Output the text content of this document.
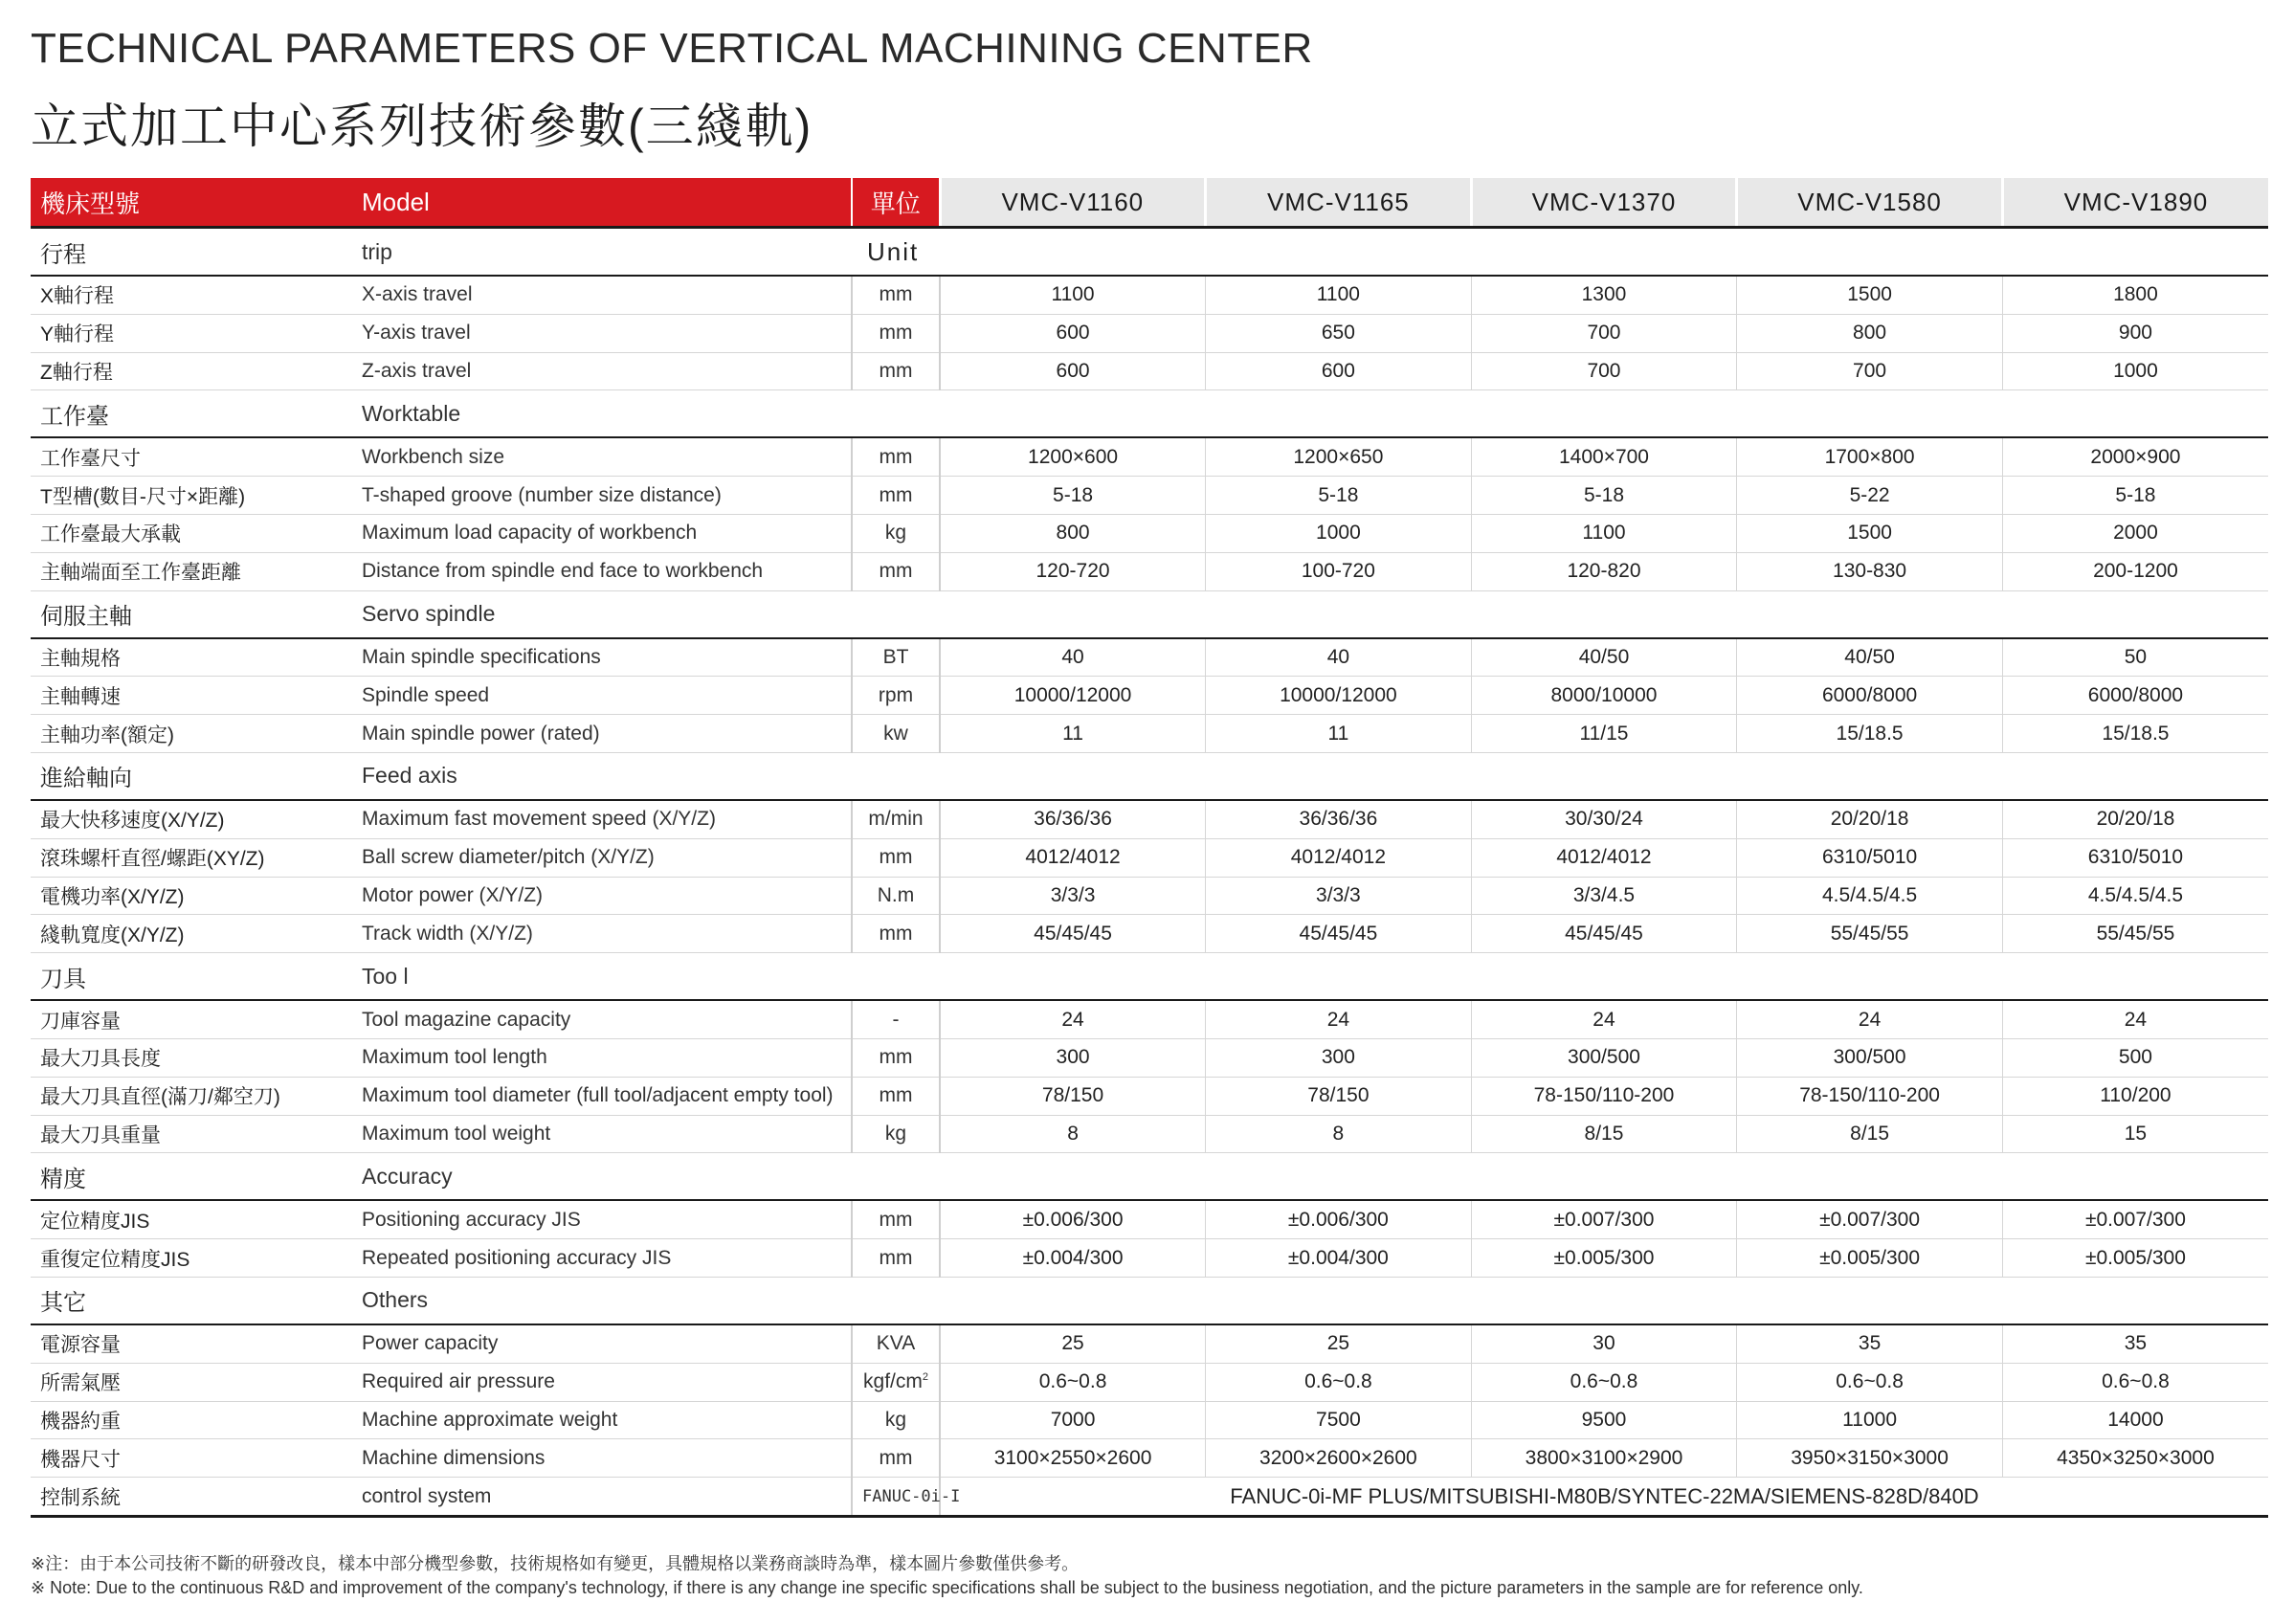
TECHNICAL PARAMETERS OF VERTICAL MACHINING CENTER
立式加工中心系列技術參數(三綫軌)
機床型號	Model	單位	VMC-V1160	VMC-V1165	VMC-V1370	VMC-V1580	VMC-V1890
行程	trip	Unit					
X軸行程	X-axis travel	mm	1100	1100	1300	1500	1800
Y軸行程	Y-axis travel	mm	600	650	700	800	900
Z軸行程	Z-axis travel	mm	600	600	700	700	1000
工作臺	Worktable						
工作臺尺寸	Workbench size	mm	1200×600	1200×650	1400×700	1700×800	2000×900
T型槽(數目-尺寸×距離)	T-shaped groove (number size distance)	mm	5-18	5-18	5-18	5-22	5-18
工作臺最大承載	Maximum load capacity of workbench	kg	800	1000	1100	1500	2000
主軸端面至工作臺距離	Distance from spindle end face to workbench	mm	120-720	100-720	120-820	130-830	200-1200
伺服主軸	Servo spindle						
主軸規格	Main spindle specifications	BT	40	40	40/50	40/50	50
主軸轉速	Spindle speed	rpm	10000/12000	10000/12000	8000/10000	6000/8000	6000/8000
主軸功率(額定)	Main spindle power (rated)	kw	11	11	11/15	15/18.5	15/18.5
進給軸向	Feed axis						
最大快移速度(X/Y/Z)	Maximum fast movement speed (X/Y/Z)	m/min	36/36/36	36/36/36	30/30/24	20/20/18	20/20/18
滾珠螺杆直徑/螺距(XY/Z)	Ball screw diameter/pitch (X/Y/Z)	mm	4012/4012	4012/4012	4012/4012	6310/5010	6310/5010
電機功率(X/Y/Z)	Motor power (X/Y/Z)	N.m	3/3/3	3/3/3	3/3/4.5	4.5/4.5/4.5	4.5/4.5/4.5
綫軌寬度(X/Y/Z)	Track width (X/Y/Z)	mm	45/45/45	45/45/45	45/45/45	55/45/55	55/45/55
刀具	Too l						
刀庫容量	Tool magazine capacity	-	24	24	24	24	24
最大刀具長度	Maximum tool length	mm	300	300	300/500	300/500	500
最大刀具直徑(滿刀/鄰空刀)	Maximum tool diameter (full tool/adjacent empty tool)	mm	78/150	78/150	78-150/110-200	78-150/110-200	110/200
最大刀具重量	Maximum tool weight	kg	8	8	8/15	8/15	15
精度	Accuracy						
定位精度JIS	Positioning accuracy JIS	mm	±0.006/300	±0.006/300	±0.007/300	±0.007/300	±0.007/300
重復定位精度JIS	Repeated positioning accuracy JIS	mm	±0.004/300	±0.004/300	±0.005/300	±0.005/300	±0.005/300
其它	Others						
電源容量	Power capacity	KVA	25	25	30	35	35
所需氣壓	Required air pressure	kgf/$cm^2$	0.6~0.8	0.6~0.8	0.6~0.8	0.6~0.8	0.6~0.8
機器約重	Machine approximate weight	kg	7000	7500	9500	11000	14000
機器尺寸	Machine dimensions	mm	3100×2550×2600	3200×2600×2600	3800×3100×2900	3950×3150×3000	4350×3250×3000
控制系統	control system	FANUC-0i-I	FANUC-0i-MF PLUS/MITSUBISHI-M80B/SYNTEC-22MA/SIEMENS-828D/840D				
※注：由于本公司技術不斷的研發改良，樣本中部分機型參數，技術規格如有變更，具體規格以業務商談時為準，樣本圖片參數僅供參考。
※ Note: Due to the continuous R&D and improvement of the company's technology, if there is any change ine specific specifications shall be subject to the business negotiation, and the picture parameters in the sample are for reference only.
